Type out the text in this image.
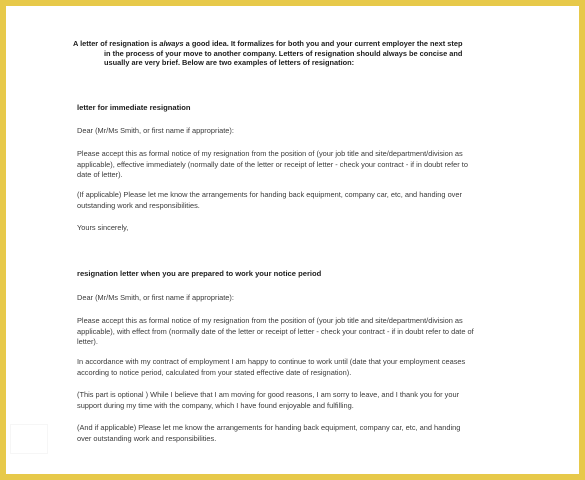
A letter of resignation is always a good idea. It formalizes for both you and your current employer the next step
in the process of your move to another company. Letters of resignation should always be concise and
usually are very brief. Below are two examples of letters of resignation:
letter for immediate resignation
Dear (Mr/Ms Smith, or first name if appropriate):
Please accept this as formal notice of my resignation from the position of (your job title and site/department/division as
applicable), effective immediately (normally date of the letter or receipt of letter - check your contract - if in doubt refer to
date of letter).
(If applicable) Please let me know the arrangements for handing back equipment, company car, etc, and handing over
outstanding work and responsibilities.
Yours sincerely,
resignation letter when you are prepared to work your notice period
Dear (Mr/Ms Smith, or first name if appropriate):
Please accept this as formal notice of my resignation from the position of (your job title and site/department/division as
applicable), with effect from (normally date of the letter or receipt of letter - check your contract - if in doubt refer to date of
letter).
In accordance with my contract of employment I am happy to continue to work until (date that your employment ceases
according to notice period, calculated from your stated effective date of resignation).
(This part is optional ) While I believe that I am moving for good reasons, I am sorry to leave, and I thank you for your
support during my time with the company, which I have found enjoyable and fulfilling.
(And if applicable) Please let me know the arrangements for handing back equipment, company car, etc, and handing
over outstanding work and responsibilities.
